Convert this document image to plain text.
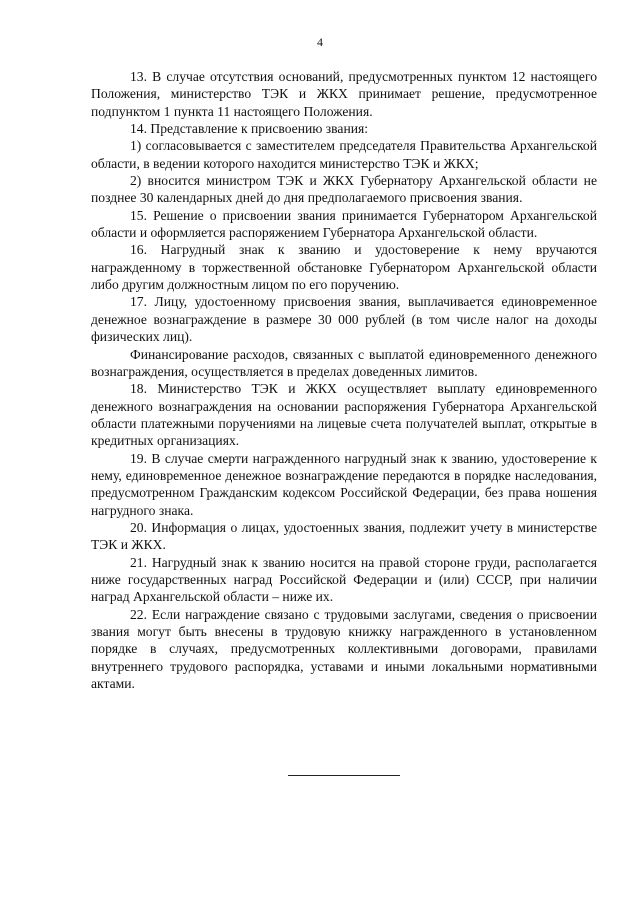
4

13. В случае отсутствия оснований, предусмотренных пунктом 12 настоящего Положения, министерство ТЭК и ЖКХ принимает решение, предусмотренное подпунктом 1 пункта 11 настоящего Положения.

14. Представление к присвоению звания:

1) согласовывается с заместителем председателя Правительства Архангельской области, в ведении которого находится министерство ТЭК и ЖКХ;

2) вносится министром ТЭК и ЖКХ Губернатору Архангельской области не позднее 30 календарных дней до дня предполагаемого присвоения звания.

15. Решение о присвоении звания принимается Губернатором Архангельской области и оформляется распоряжением Губернатора Архангельской области.

16. Нагрудный знак к званию и удостоверение к нему вручаются награжденному в торжественной обстановке Губернатором Архангельской области либо другим должностным лицом по его поручению.

17. Лицу, удостоенному присвоения звания, выплачивается единовременное денежное вознаграждение в размере 30 000 рублей (в том числе налог на доходы физических лиц).

Финансирование расходов, связанных с выплатой единовременного денежного вознаграждения, осуществляется в пределах доведенных лимитов.

18. Министерство ТЭК и ЖКХ осуществляет выплату единовременного денежного вознаграждения на основании распоряжения Губернатора Архангельской области платежными поручениями на лицевые счета получателей выплат, открытые в кредитных организациях.

19. В случае смерти награжденного нагрудный знак к званию, удостоверение к нему, единовременное денежное вознаграждение передаются в порядке наследования, предусмотренном Гражданским кодексом Российской Федерации, без права ношения нагрудного знака.

20. Информация о лицах, удостоенных звания, подлежит учету в министерстве ТЭК и ЖКХ.

21. Нагрудный знак к званию носится на правой стороне груди, располагается ниже государственных наград Российской Федерации и (или) СССР, при наличии наград Архангельской области – ниже их.

22. Если награждение связано с трудовыми заслугами, сведения о присвоении звания могут быть внесены в трудовую книжку награжденного в установленном порядке в случаях, предусмотренных коллективными договорами, правилами внутреннего трудового распорядка, уставами и иными локальными нормативными актами.
